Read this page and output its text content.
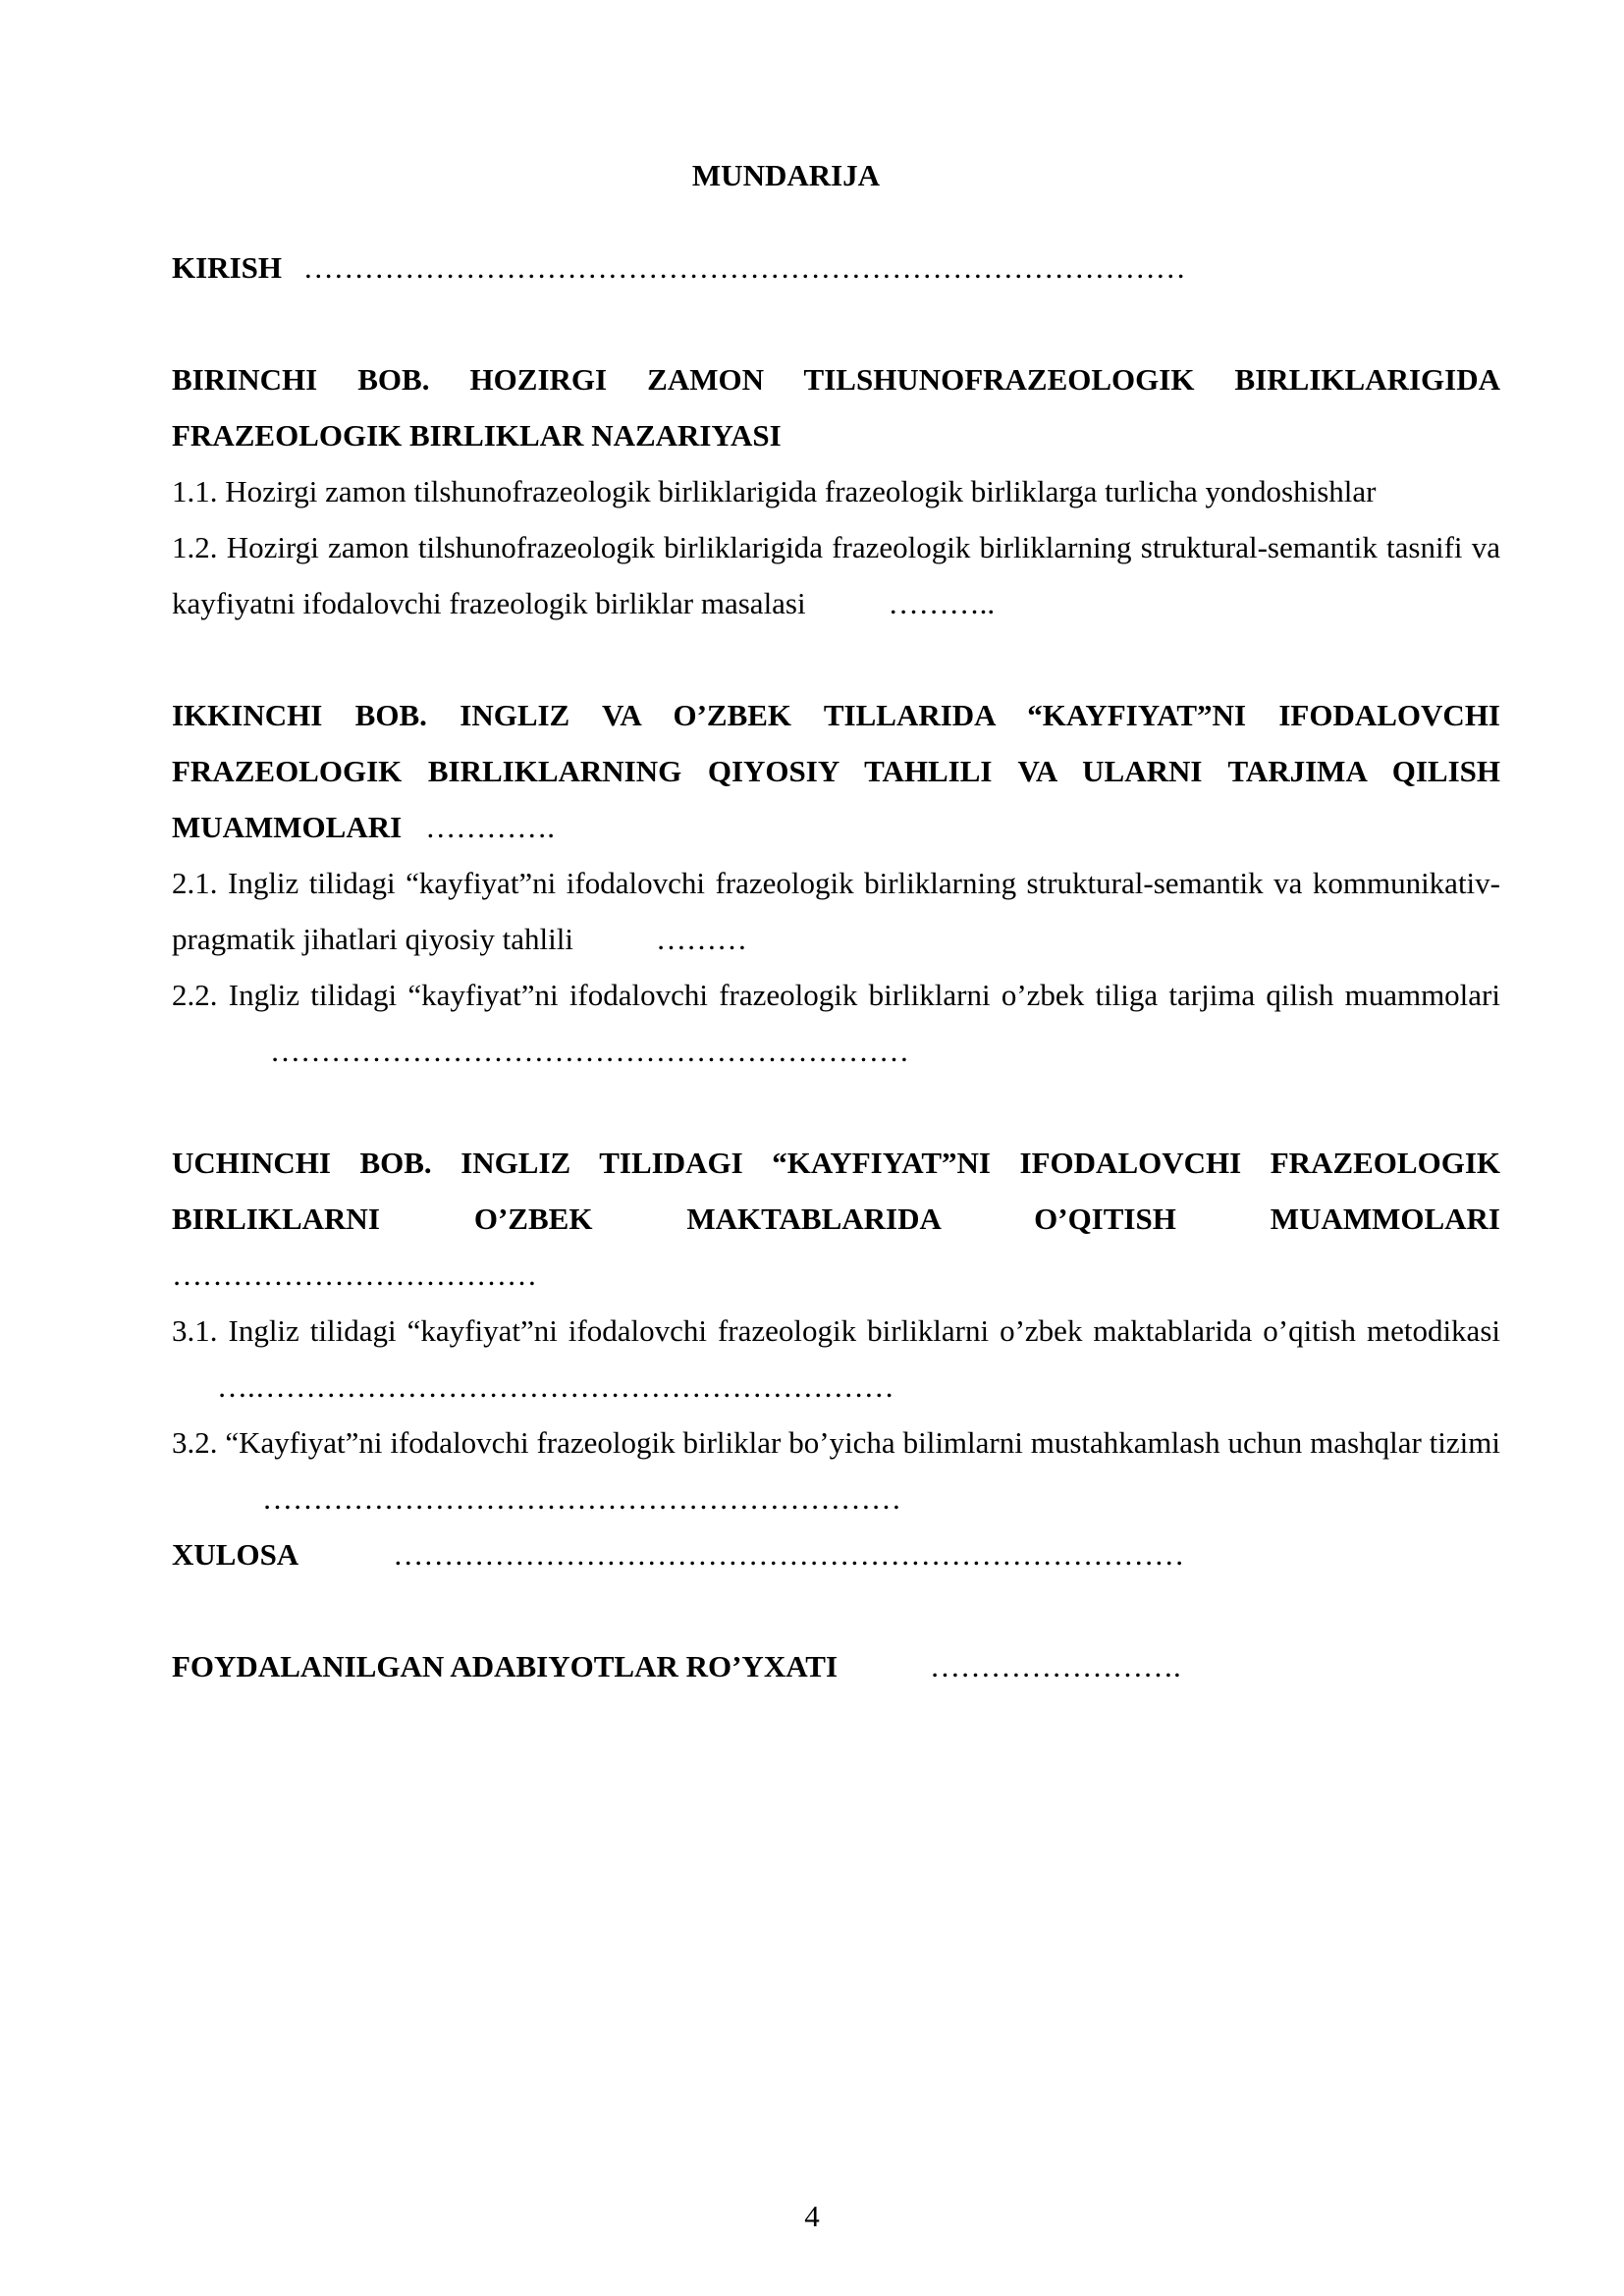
MUNDARIJA

KIRISH ……………………………………………………………………………

BIRINCHI BOB. HOZIRGI ZAMON TILSHUNOFRAZEOLOGIK BIRLIKLARIGIDA FRAZEOLOGIK BIRLIKLAR NAZARIYASI

1.1. Hozirgi zamon tilshunofrazeologik birliklarigida frazeologik birliklarga turlicha yondoshishlar

1.2. Hozirgi zamon tilshunofrazeologik birliklarigida frazeologik birliklarning struktural-semantik tasnifi va kayfiyatni ifodalovchi frazeologik birliklar masalasi	………..

IKKINCHI BOB. INGLIZ VA O’ZBEK TILLARIDA “KAYFIYAT”NI IFODALOVCHI FRAZEOLOGIK BIRLIKLARNING QIYOSIY TAHLILI VA ULARNI TARJIMA QILISH MUAMMOLARI ………….

2.1. Ingliz tilidagi “kayfiyat”ni ifodalovchi frazeologik birliklarning struktural-semantik va kommunikativ-pragmatik jihatlari qiyosiy tahlili	………

2.2. Ingliz tilidagi “kayfiyat”ni ifodalovchi frazeologik birliklarni o’zbek tiliga tarjima qilish muammolari………………………………………………………

UCHINCHI BOB. INGLIZ TILIDAGI “KAYFIYAT”NI IFODALOVCHI FRAZEOLOGIK BIRLIKLARNI O’ZBEK MAKTABLARIDA O’QITISH MUAMMOLARI ………………………………

3.1. Ingliz tilidagi “kayfiyat”ni ifodalovchi frazeologik birliklarni o’zbek maktablarida o’qitish metodikasi….………………………………………………………

3.2. “Kayfiyat”ni ifodalovchi frazeologik birliklar bo’yicha bilimlarni mustahkamlash uchun mashqlar tizimi………………………………………………………

XULOSA	……………………………………………………………………

FOYDALANILGAN ADABIYOTLAR RO’YXATI	…………………….

4
